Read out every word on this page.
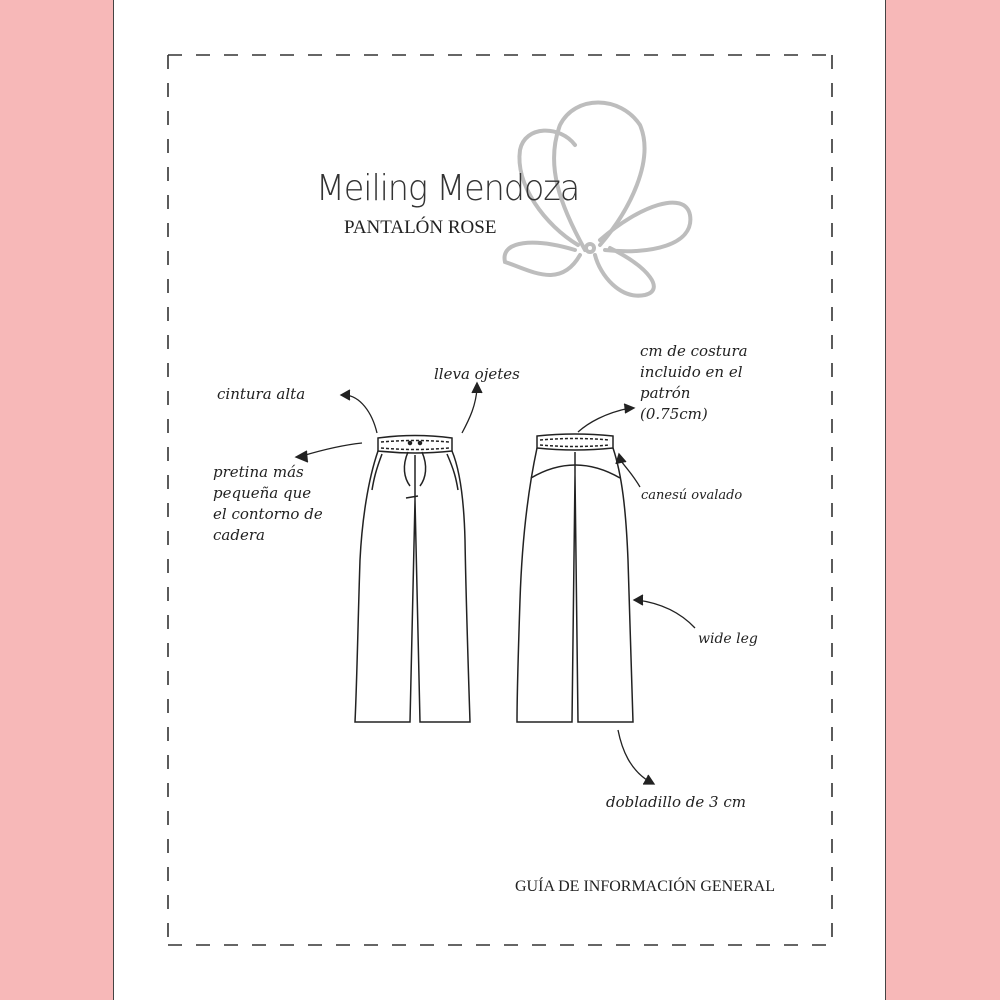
Meiling Mendoza
PANTALÓN ROSE
cintura alta
lleva ojetes
pretina más
pequeña que
el contorno de
cadera
cm de costura
incluido en el
patrón
(0.75cm)
canesú ovalado
wide leg
dobladillo de 3 cm
GUÍA DE INFORMACIÓN GENERAL
